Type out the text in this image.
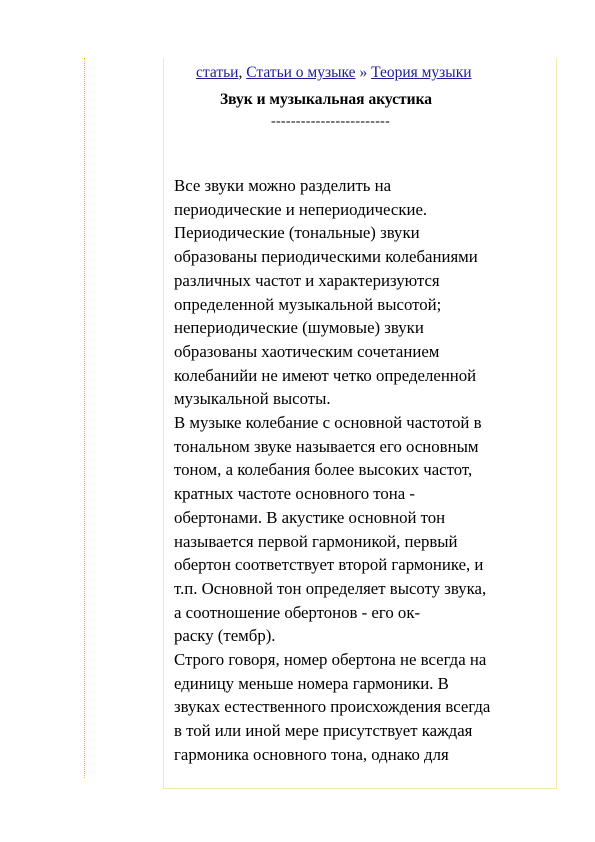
статьи, Статьи о музыке » Теория музыки
Звук и музыкальная акустика
------------------------
Все звуки можно разделить на
периодические и непериодические.
Периодические (тональные) звуки
образованы периодическими колебаниями
различных частот и характеризуются
определенной музыкальной высотой;
непериодические (шумовые) звуки
образованы хаотическим сочетанием
колебанийи не имеют четко определенной
музыкальной высоты.
В музыке колебание с основной частотой в
тональном звуке называется его основным
тоном, а колебания более высоких частот,
кратных частоте основного тона -
обертонами. В акустике основной тон
называется первой гармоникой, первый
обертон соответствует второй гармонике, и
т.п. Основной тон определяет высоту звука,
а соотношение обертонов - его ок-
раску (тембр).
Строго говоря, номер обертона не всегда на
единицу меньше номера гармоники. В
звуках естественного происхождения всегда
в той или иной мере присутствует каждая
гармоника основного тона, однако для
